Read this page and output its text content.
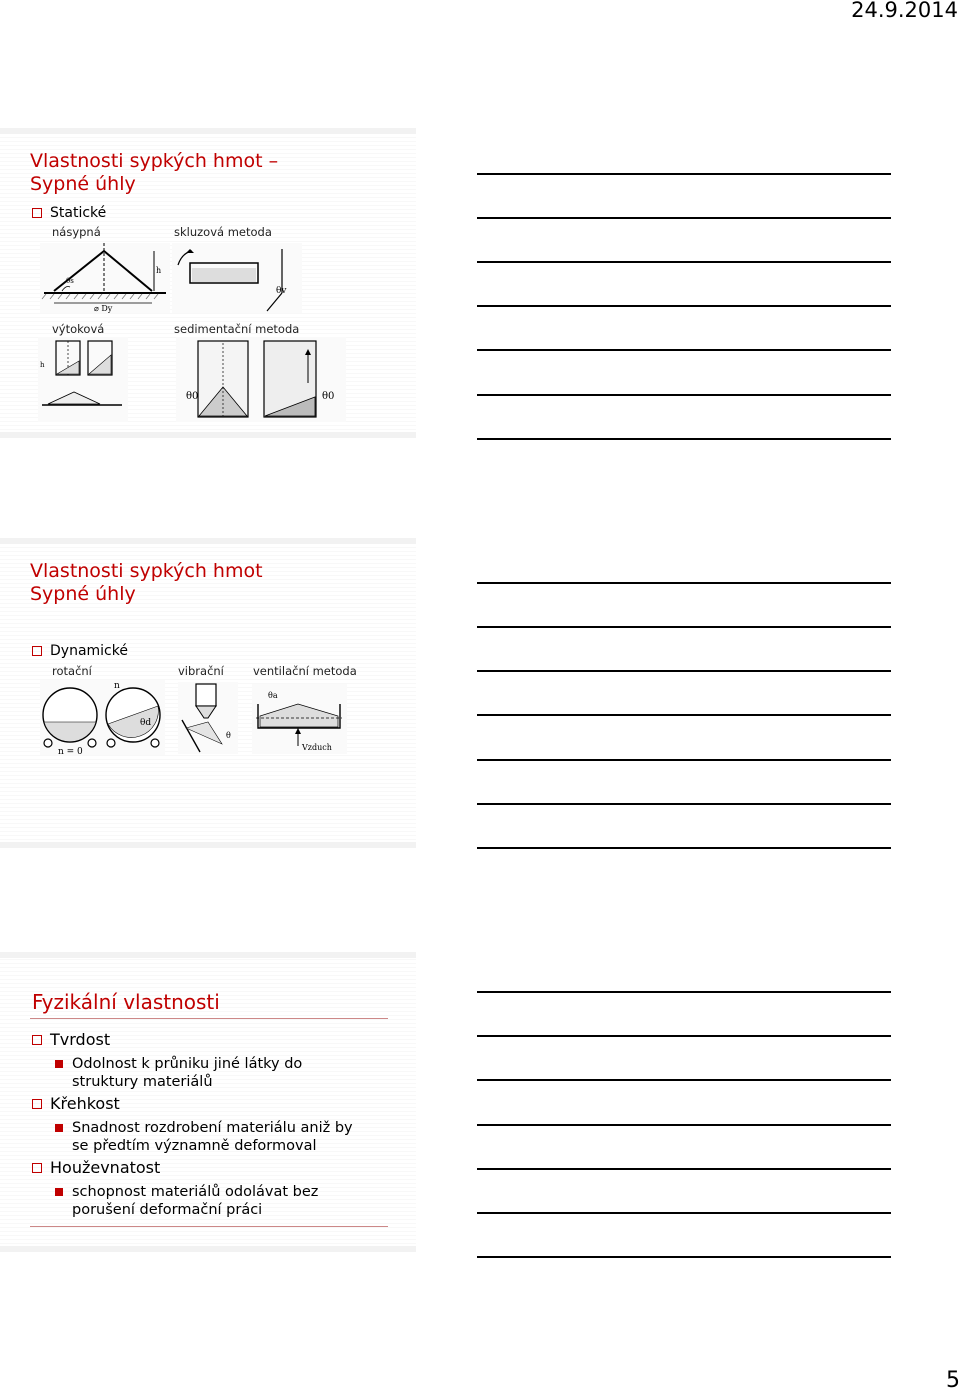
24.9.2014
Vlastnosti sypkých hmot –
Sypné úhly
Statické
násypná	skluzová metoda
výtoková	sedimentační metoda
h
θs
⌀ Dy
θv
h
θ0	θ0
Vlastnosti sypkých hmot
Sypné úhly
Dynamické
rotační	vibrační	ventilační metoda
n = 0
n
θd
θ
θa
Vzduch
Fyzikální vlastnosti
Tvrdost
Odolnost k průniku jiné látky do
struktury materiálů
Křehkost
Snadnost rozdrobení materiálu aniž by
se předtím významně deformoval
Houževnatost
schopnost materiálů odolávat bez
porušení deformační práci
5
